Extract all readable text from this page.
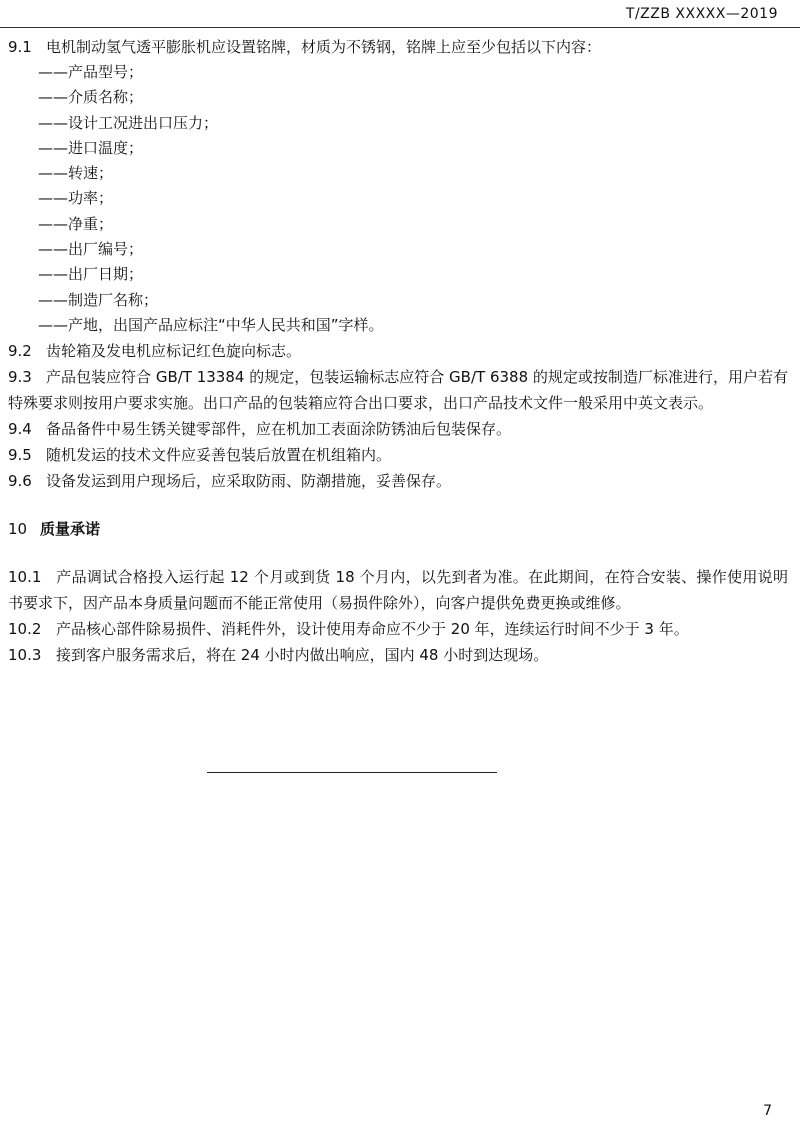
T/ZZB XXXXX—2019

9.1 电机制动氢气透平膨胀机应设置铭牌，材质为不锈钢，铭牌上应至少包括以下内容：

——产品型号；

——介质名称；

——设计工况进出口压力；

——进口温度；

——转速；

——功率；

——净重；

——出厂编号；

——出厂日期；

——制造厂名称；

——产地，出国产品应标注“中华人民共和国”字样。

9.2 齿轮箱及发电机应标记红色旋向标志。

9.3 产品包装应符合 GB/T 13384 的规定，包装运输标志应符合 GB/T 6388 的规定或按制造厂标准进行，用户若有特殊要求则按用户要求实施。出口产品的包装箱应符合出口要求，出口产品技术文件一般采用中英文表示。

9.4 备品备件中易生锈关键零部件，应在机加工表面涂防锈油后包装保存。

9.5 随机发运的技术文件应妥善包装后放置在机组箱内。

9.6 设备发运到用户现场后，应采取防雨、防潮措施，妥善保存。

10 质量承诺

10.1 产品调试合格投入运行起 12 个月或到货 18 个月内，以先到者为准。在此期间，在符合安装、操作使用说明书要求下，因产品本身质量问题而不能正常使用（易损件除外），向客户提供免费更换或维修。

10.2 产品核心部件除易损件、消耗件外，设计使用寿命应不少于 20 年，连续运行时间不少于 3 年。

10.3 接到客户服务需求后，将在 24 小时内做出响应，国内 48 小时到达现场。

7
